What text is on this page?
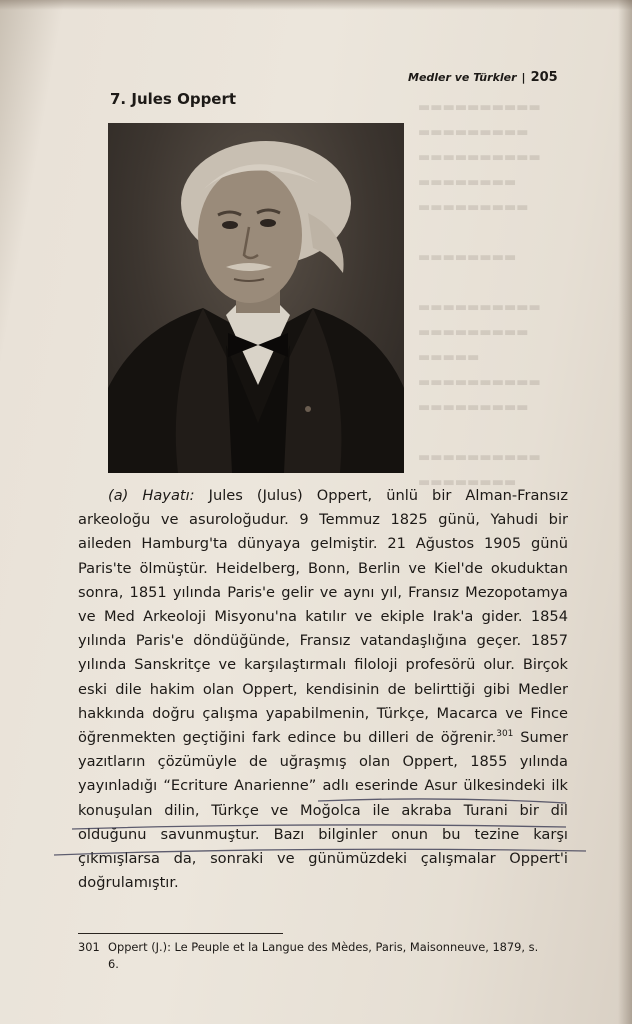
▬▬▬▬▬▬▬▬▬▬
▬▬▬▬▬▬▬▬▬
▬▬▬▬▬▬▬▬▬▬
▬▬▬▬▬▬▬▬
▬▬▬▬▬▬▬▬▬

▬▬▬▬▬▬▬▬

▬▬▬▬▬▬▬▬▬▬
▬▬▬▬▬▬▬▬▬
▬▬▬▬▬
▬▬▬▬▬▬▬▬▬▬
▬▬▬▬▬▬▬▬▬

▬▬▬▬▬▬▬▬▬▬
▬▬▬▬▬▬▬▬
Medler ve Türkler | 205
7. Jules Oppert

(a) Hayatı: Jules (Julus) Oppert, ünlü bir Alman-Fransız arkeoloğu ve asuroloğudur. 9 Temmuz 1825 günü, Yahudi bir aileden Hamburg'ta dünyaya gelmiştir. 21 Ağustos 1905 günü Paris'te ölmüştür. Heidelberg, Bonn, Berlin ve Kiel'de okuduktan sonra, 1851 yılında Paris'e gelir ve aynı yıl, Fransız Mezopotamya ve Med Arkeoloji Misyonu'na katılır ve ekiple Irak'a gider. 1854 yılında Paris'e döndüğünde, Fransız vatandaşlığına geçer. 1857 yılında Sanskritçe ve karşılaştırmalı filoloji profesörü olur. Birçok eski dile hakim olan Oppert, kendisinin de belirttiği gibi Medler hakkında doğru çalışma yapabilmenin, Türkçe, Macarca ve Fince öğrenmekten geçtiğini fark edince bu dilleri de öğrenir.$^{301}$ Sumer yazıtların çözümüyle de uğraşmış olan Oppert, 1855 yılında yayınladığı “Ecriture Anarienne” adlı eserinde Asur ülkesindeki ilk konuşulan dilin, Türkçe ve Moğolca ile akraba Turani bir dil olduğunu savunmuştur. Bazı bilginler onun bu tezine karşı çıkmışlarsa da, sonraki ve günümüzdeki çalışmalar Oppert'i doğrulamıştır.

301 Oppert (J.): Le Peuple et la Langue des Mèdes, Paris, Maisonneuve, 1879, s.
6.
